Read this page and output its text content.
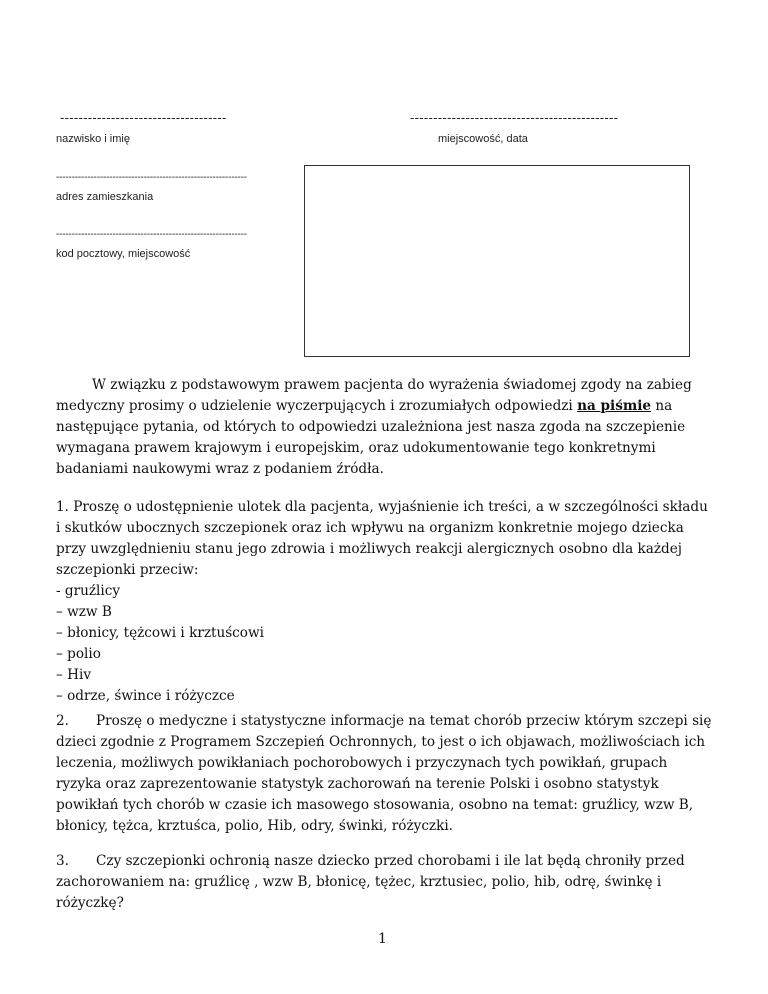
------------------------------------
nazwisko i imię
---------------------------------------------
miejscowość, data
-------------------------------------------------------------
adres zamieszkania
-------------------------------------------------------------
kod pocztowy, miejscowość

W związku z podstawowym prawem pacjenta do wyrażenia świadomej zgody na zabieg medyczny prosimy o udzielenie wyczerpujących i zrozumiałych odpowiedzi na piśmie na następujące pytania, od których to odpowiedzi uzależniona jest nasza zgoda na szczepienie wymagana prawem krajowym i europejskim, oraz udokumentowanie tego konkretnymi badaniami naukowymi wraz z podaniem źródła.

1. Proszę o udostępnienie ulotek dla pacjenta, wyjaśnienie ich treści, a w szczególności składu i skutków ubocznych szczepionek oraz ich wpływu na organizm konkretnie mojego dziecka przy uwzględnieniu stanu jego zdrowia i możliwych reakcji alergicznych osobno dla każdej szczepionki przeciw:

- gruźlicy
– wzw B
– błonicy, tężcowi i krztuścowi
– polio
– Hiv
– odrze, śwince i różyczce

2. Proszę o medyczne i statystyczne informacje na temat chorób przeciw którym szczepi się dzieci zgodnie z Programem Szczepień Ochronnych, to jest o ich objawach, możliwościach ich leczenia, możliwych powikłaniach pochorobowych i przyczynach tych powikłań, grupach ryzyka oraz zaprezentowanie statystyk zachorowań na terenie Polski i osobno statystyk powikłań tych chorób w czasie ich masowego stosowania, osobno na temat: gruźlicy, wzw B, błonicy, tężca, krztuśca, polio, Hib, odry, świnki, różyczki.

3. Czy szczepionki ochronią nasze dziecko przed chorobami i ile lat będą chroniły przed zachorowaniem na: gruźlicę , wzw B, błonicę, tężec, krztusiec, polio, hib, odrę, świnkę i różyczkę?

1
